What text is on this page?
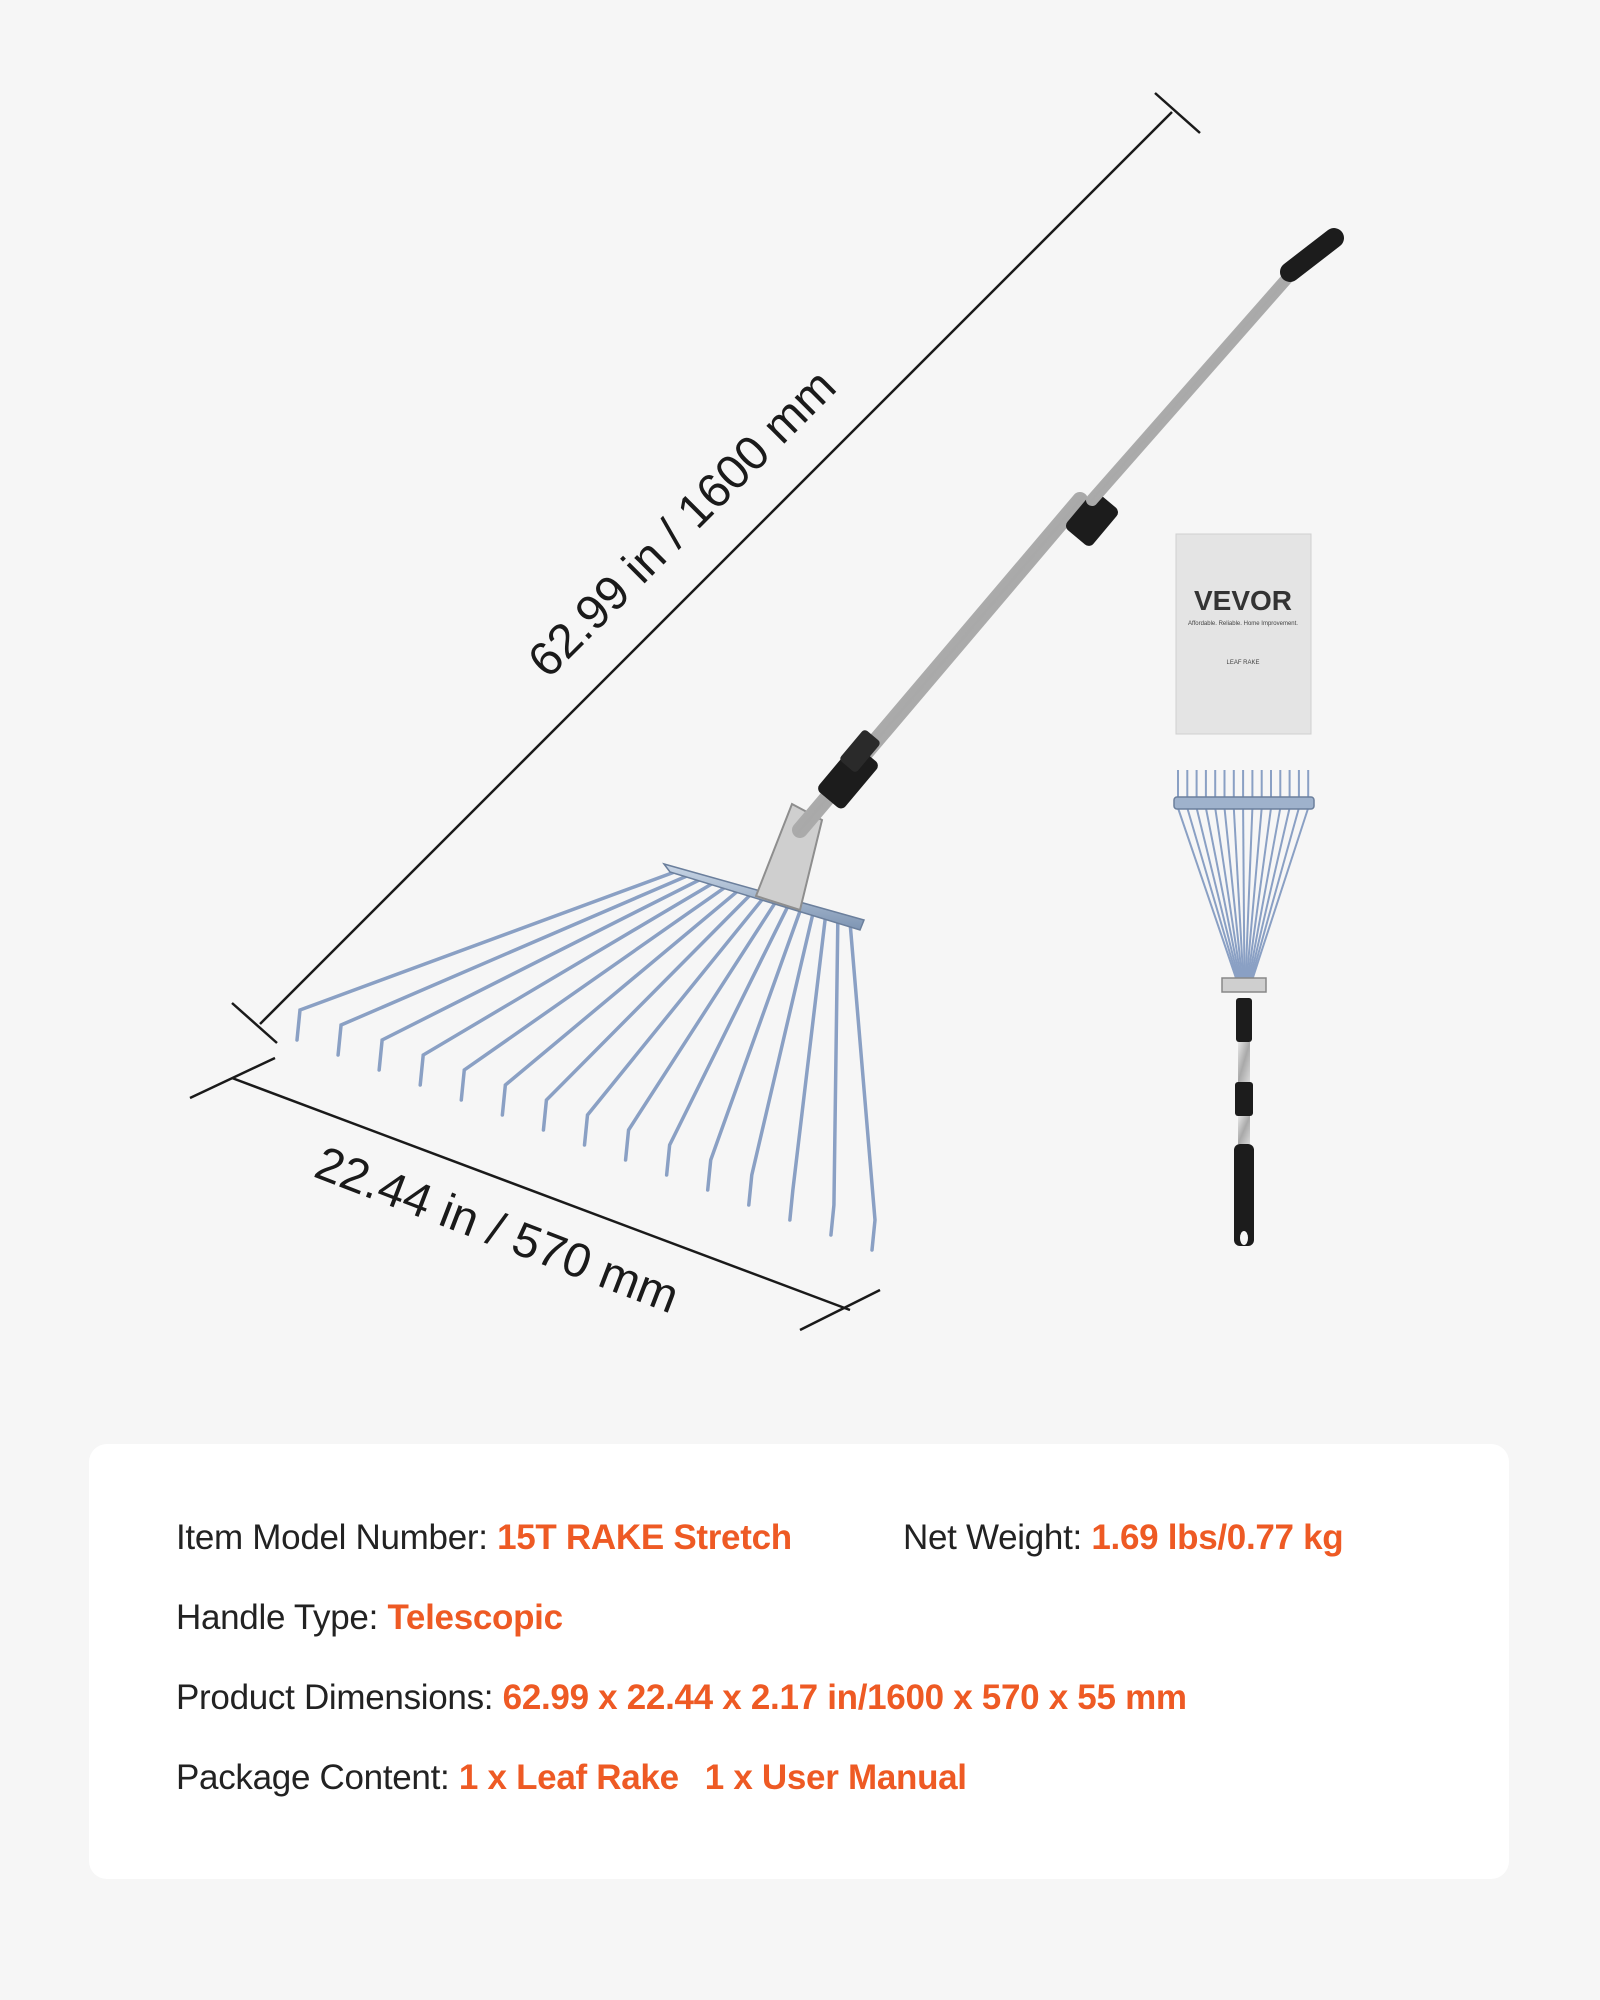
62.99 in / 1600 mm
22.44 in / 570 mm
VEVOR
Affordable. Reliable. Home Improvement.
LEAF RAKE
Item Model Number: 15T RAKE Stretch	Net Weight: 1.69 lbs/0.77 kg
Handle Type: Telescopic
Product Dimensions: 62.99 x 22.44 x 2.17 in/1600 x 570 x 55 mm
Package Content: 1 x Leaf Rake 1 x User Manual
